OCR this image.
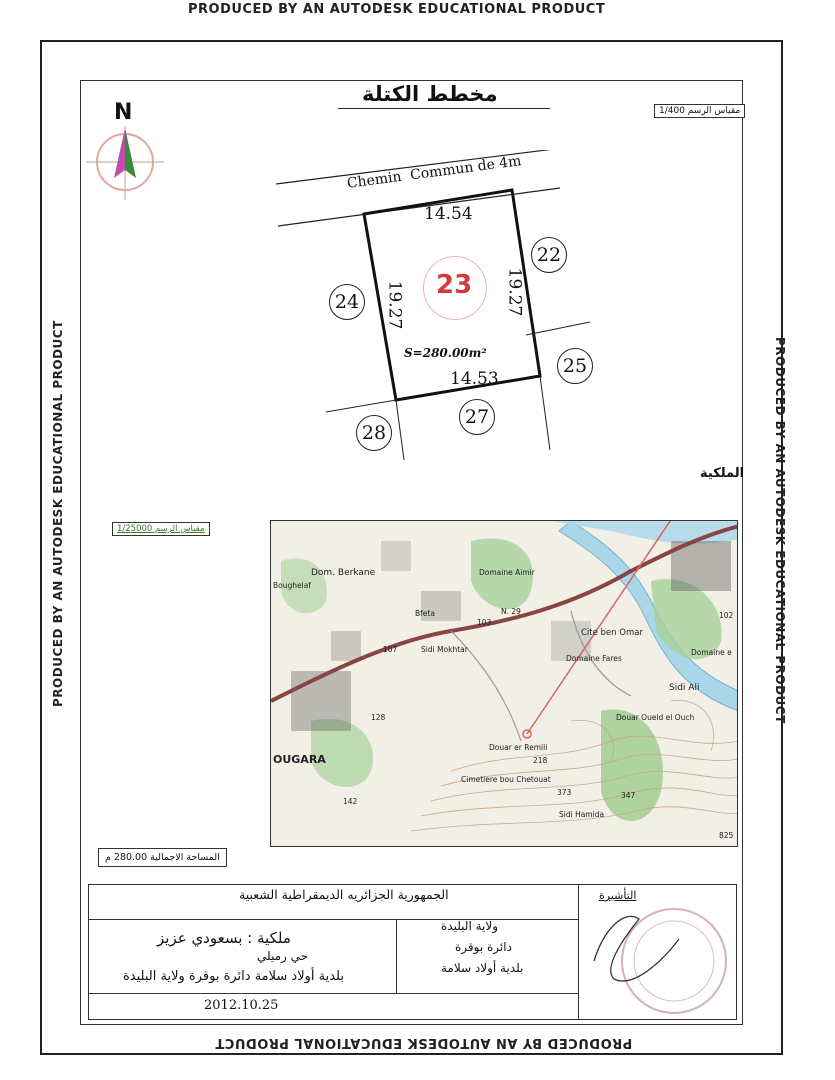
PRODUCED BY AN AUTODESK EDUCATIONAL PRODUCT
PRODUCED BY AN AUTODESK EDUCATIONAL PRODUCT
PRODUCED BY AN AUTODESK EDUCATIONAL PRODUCT	PRODUCED BY AN AUTODESK EDUCATIONAL PRODUCT
مخطط الكتلة
مقياس الرسم 1/400
N
Chemin  Commun de 4m
14.54
14.53
19.27	19.27
23
S=280.00m²
22
24
25
27
28
الملكية
مقياس الرسم 1/25000
Dom. Berkane
Boughelaf
Domaine Aimir
Bfeta
Sidi Mokhtar
Cite ben Omar
Domaine Fares
Domaine e
Sidi Ali
Douar Oueld el Ouch
Douar er Remili
Cimetiere bou Chetouat
Sidi Hamida
OUGARA
N. 29
107
103
128
142
218
373	347
102
825
المساحة الاجمالية 280.00 م
الجمهورية الجزائريه الديمقراطية الشعبية
ملكية : بسعودي عزيز
حي رميلي
بلدية أولاد سلامة دائرة بوقرة ولاية البليدة
التأشيرة
ولاية البليدة
دائرة بوقرة
بلدية أولاد سلامة
2012.10.25
